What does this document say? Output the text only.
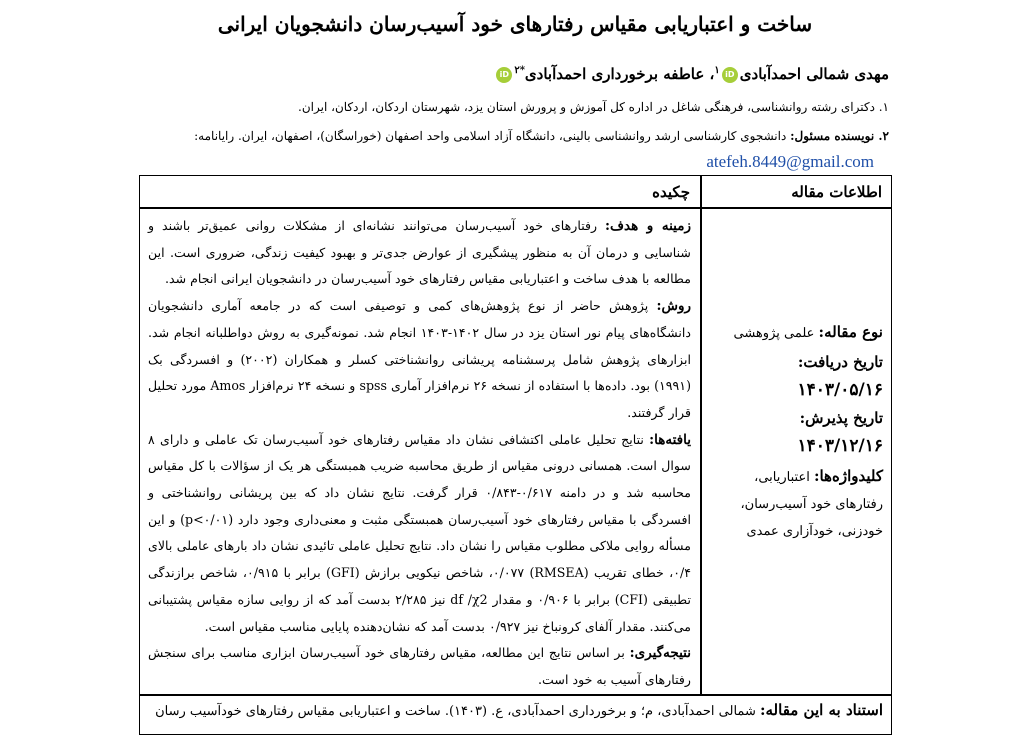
ساخت و اعتباریابی مقیاس رفتارهای خود آسیب‌رسان دانشجویان ایرانی
مهدی شمالی احمدآبادیiD$^۱$، عاطفه برخورداری احمدآبادی$^{*۲}$iD
۱. دکترای رشته روانشناسی، فرهنگی شاغل در اداره کل آموزش و پرورش استان یزد، شهرستان اردکان، اردکان، ایران.
۲. نویسنده مسئول: دانشجوی کارشناسی ارشد روانشناسی بالینی، دانشگاه آزاد اسلامی واحد اصفهان (خوراسگان)، اصفهان، ایران. رایانامه:
atefeh.8449@gmail.com
اطلاعات مقاله
چکیده

زمینه و هدف: رفتارهای خود آسیب‌رسان می‌توانند نشانه‌ای از مشکلات روانی عمیق‌تر باشند و شناسایی و درمان آن به منظور پیشگیری از عوارض جدی‌تر و بهبود کیفیت زندگی، ضروری است. این مطالعه با هدف ساخت و اعتباریابی مقیاس رفتارهای خود آسیب‌رسان در دانشجویان ایرانی انجام شد.

روش: پژوهش حاضر از نوع پژوهش‌های کمی و توصیفی است که در جامعه آماری دانشجویان دانشگاه‌های پیام نور استان یزد در سال ۱۴۰۲-۱۴۰۳ انجام شد. نمونه‌گیری به روش دواطلبانه انجام شد. ابزارهای پژوهش شامل پرسشنامه پریشانی روانشناختی کسلر و همکاران (۲۰۰۲) و افسردگی بک (۱۹۹۱) بود. داده‌ها با استفاده از نسخه ۲۶ نرم‌افزار آماری spss و نسخه ۲۴ نرم‌افزار Amos مورد تحلیل قرار گرفتند.

یافته‌ها: نتایج تحلیل عاملی اکتشافی نشان داد مقیاس رفتارهای خود آسیب‌رسان تک عاملی و دارای ۸ سوال است. همسانی درونی مقیاس از طریق محاسبه ضریب همبستگی هر یک از سؤالات با کل مقیاس محاسبه شد و در دامنه ۰/۶۱۷-۰/۸۴۳ قرار گرفت. نتایج نشان داد که بین پریشانی روانشناختی و افسردگی با مقیاس رفتارهای خود آسیب‌رسان همبستگی مثبت و معنی‌داری وجود دارد (p<۰/۰۱) و این مسأله روایی ملاکی مطلوب مقیاس را نشان داد. نتایج تحلیل عاملی تائیدی نشان داد بارهای عاملی بالای ۰/۴، خطای تقریب (RMSEA) ۰/۰۷۷، شاخص نیکویی برازش (GFI) برابر با ۰/۹۱۵، شاخص برازندگی تطبیقی (CFI) برابر با ۰/۹۰۶ و مقدار df /χ2 نیز ۲/۲۸۵ بدست آمد که از روایی سازه مقیاس پشتیبانی می‌کنند. مقدار آلفای کرونباخ نیز ۰/۹۲۷ بدست آمد که نشان‌دهنده پایایی مناسب مقیاس است.

نتیجه‌گیری: بر اساس نتایج این مطالعه، مقیاس رفتارهای خود آسیب‌رسان ابزاری مناسب برای سنجش رفتارهای آسیب به خود است.

نوع مقاله: علمی پژوهشی
تاریخ دریافت:
۱۴۰۳/۰۵/۱۶
تاریخ پذیرش:
۱۴۰۳/۱۲/۱۶
کلیدواژه‌ها: اعتباریابی، رفتارهای خود آسیب‌رسان، خودزنی، خودآزاری عمدی
استناد به این مقاله: شمالی احمدآبادی، م؛ و برخورداری احمدآبادی، ع. (۱۴۰۳). ساخت و اعتباریابی مقیاس رفتارهای خودآسیب رسان
